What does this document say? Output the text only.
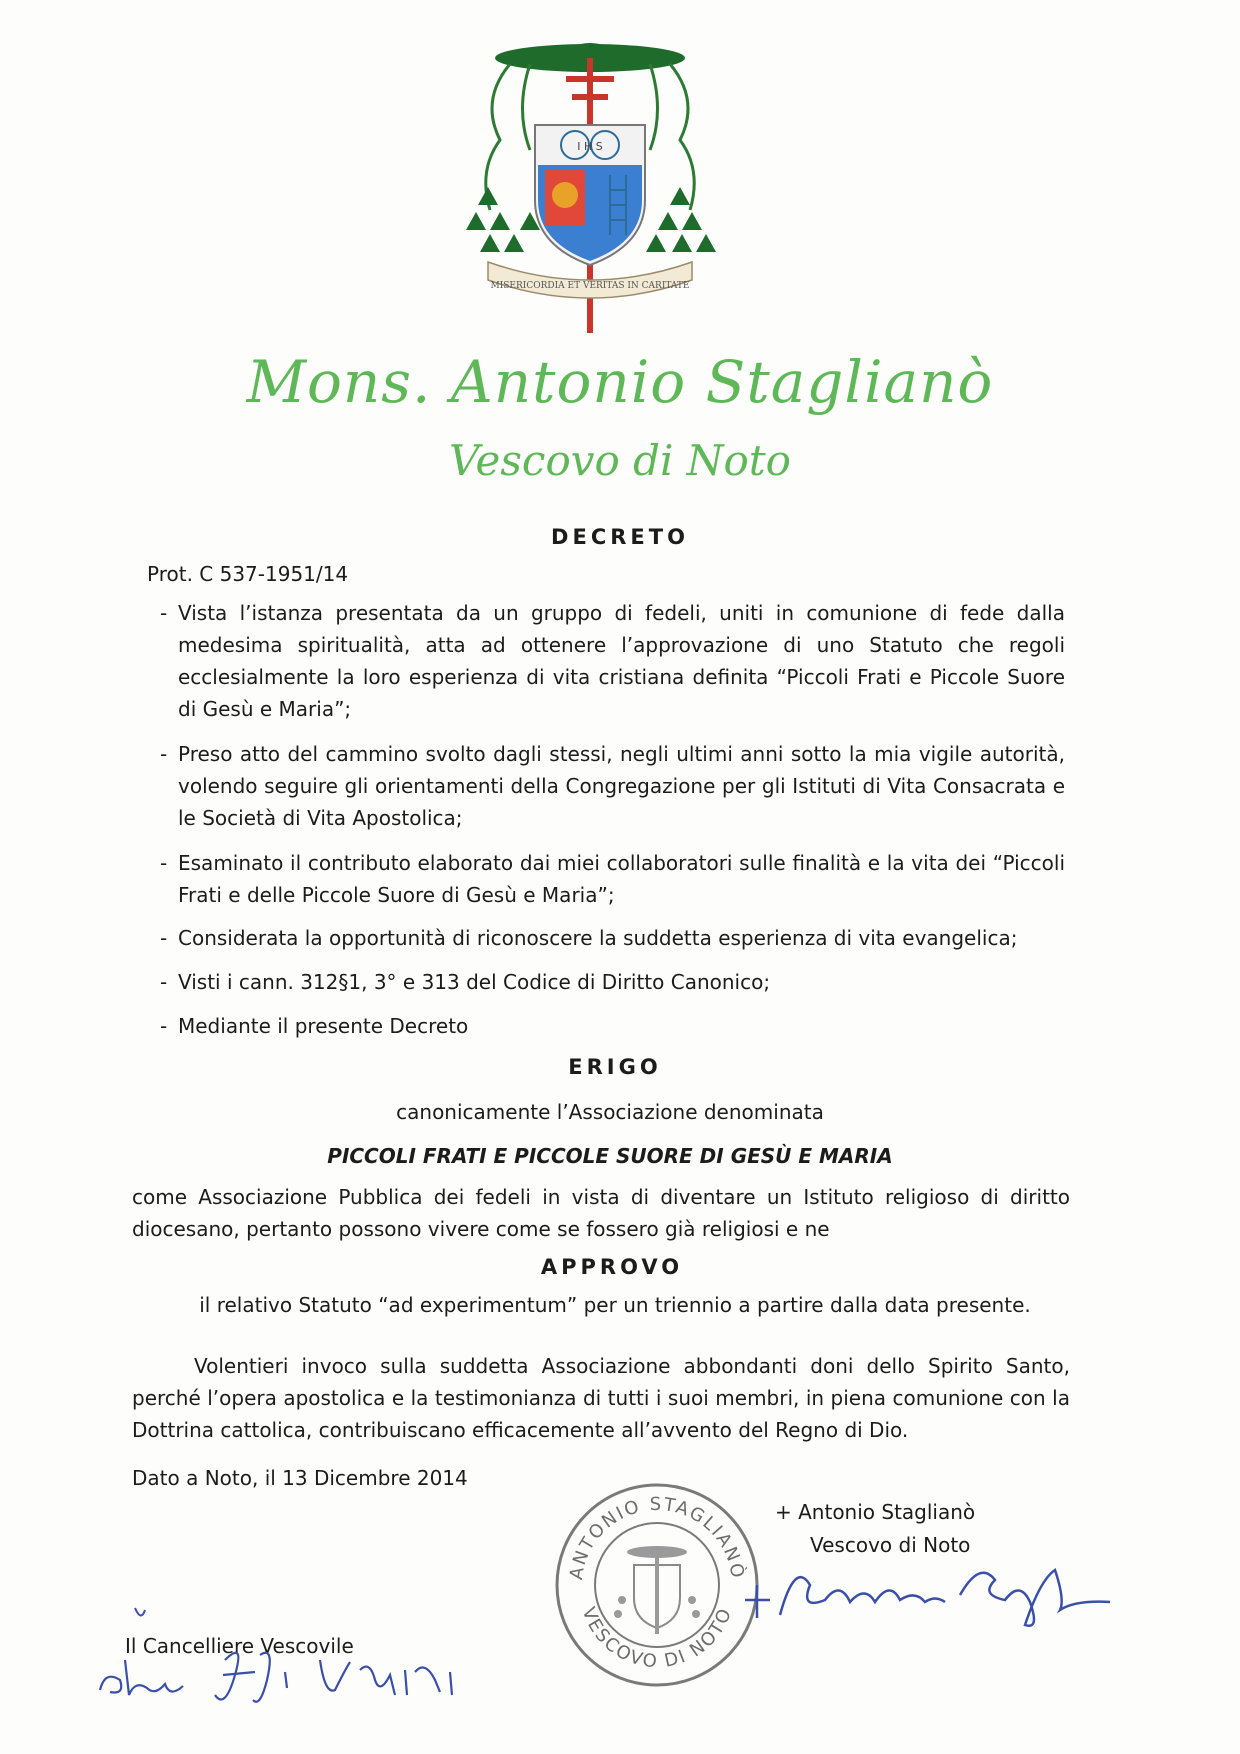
I H S
MISERICORDIA ET VERITAS IN CARITATE
Mons. Antonio Staglianò
Vescovo di Noto
DECRETO
Prot. C 537-1951/14
- Vista l’istanza presentata da un gruppo di fedeli, uniti in comunione di fede dalla medesima spiritualità, atta ad ottenere l’approvazione di uno Statuto che regoli ecclesialmente la loro esperienza di vita cristiana definita “Piccoli Frati e Piccole Suore di Gesù e Maria”;
- Preso atto del cammino svolto dagli stessi, negli ultimi anni sotto la mia vigile autorità, volendo seguire gli orientamenti della Congregazione per gli Istituti di Vita Consacrata e le Società di Vita Apostolica;
- Esaminato il contributo elaborato dai miei collaboratori sulle finalità e la vita dei “Piccoli Frati e delle Piccole Suore di Gesù e Maria”;
- Considerata la opportunità di riconoscere la suddetta esperienza di vita evangelica;
- Visti i cann. 312§1, 3° e 313 del Codice di Diritto Canonico;
- Mediante il presente Decreto
ERIGO
canonicamente l’Associazione denominata
PICCOLI FRATI E PICCOLE SUORE DI GESÙ E MARIA
come Associazione Pubblica dei fedeli in vista di diventare un Istituto religioso di diritto diocesano, pertanto possono vivere come se fossero già religiosi e ne
APPROVO
il relativo Statuto “ad experimentum” per un triennio a partire dalla data presente.
Volentieri invoco sulla suddetta Associazione abbondanti doni dello Spirito Santo, perché l’opera apostolica e la testimonianza di tutti i suoi membri, in piena comunione con la Dottrina cattolica, contribuiscano efficacemente all’avvento del Regno di Dio.
Dato a Noto, il 13 Dicembre 2014
ANTONIO STAGLIANÒ
VESCOVO DI NOTO
+ Antonio Staglianò
Vescovo di Noto
Il Cancelliere Vescovile
